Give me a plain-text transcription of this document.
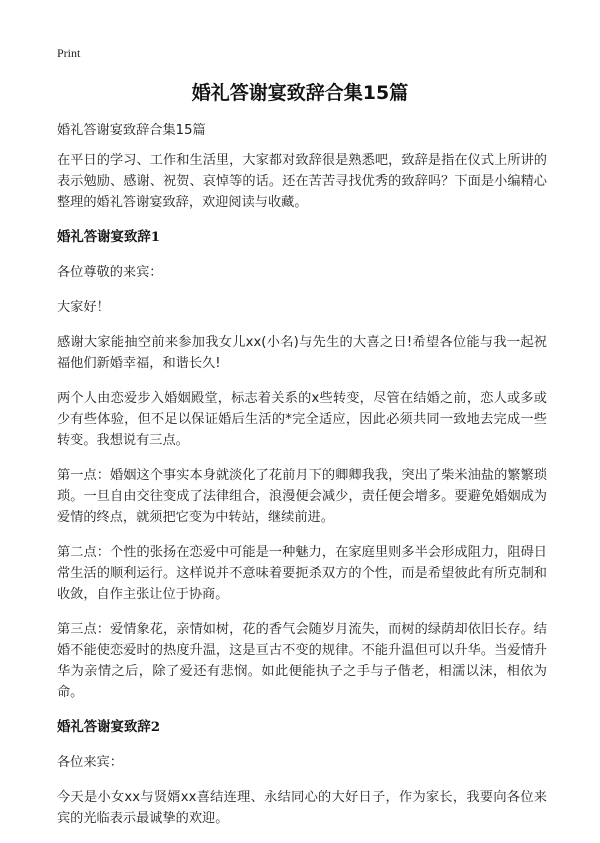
Print
婚礼答谢宴致辞合集15篇

婚礼答谢宴致辞合集15篇

在平日的学习、工作和生活里，大家都对致辞很是熟悉吧，致辞是指在仪式上所讲的表示勉励、感谢、祝贺、哀悼等的话。还在苦苦寻找优秀的致辞吗？下面是小编精心整理的婚礼答谢宴致辞，欢迎阅读与收藏。

婚礼答谢宴致辞1

各位尊敬的来宾：

大家好！

感谢大家能抽空前来参加我女儿xx(小名)与先生的大喜之日!希望各位能与我一起祝福他们新婚幸福，和谐长久!

两个人由恋爱步入婚姻殿堂，标志着关系的x些转变，尽管在结婚之前，恋人或多或少有些体验，但不足以保证婚后生活的*完全适应，因此必须共同一致地去完成一些转变。我想说有三点。

第一点：婚姻这个事实本身就淡化了花前月下的卿卿我我，突出了柴米油盐的繁繁琐琐。一旦自由交往变成了法律组合，浪漫便会减少，责任便会增多。要避免婚姻成为爱情的终点，就须把它变为中转站，继续前进。

第二点：个性的张扬在恋爱中可能是一种魅力，在家庭里则多半会形成阻力，阻碍日常生活的顺利运行。这样说并不意味着要扼杀双方的个性，而是希望彼此有所克制和收敛，自作主张让位于协商。

第三点：爱情象花，亲情如树，花的香气会随岁月流失，而树的绿荫却依旧长存。结婚不能使恋爱时的热度升温，这是亘古不变的规律。不能升温但可以升华。当爱情升华为亲情之后，除了爱还有悲悯。如此便能执子之手与子偕老，相濡以沫，相依为命。

婚礼答谢宴致辞2

各位来宾：

今天是小女xx与贤婿xx喜结连理、永结同心的大好日子，作为家长，我要向各位来宾的光临表示最诚挚的欢迎。
